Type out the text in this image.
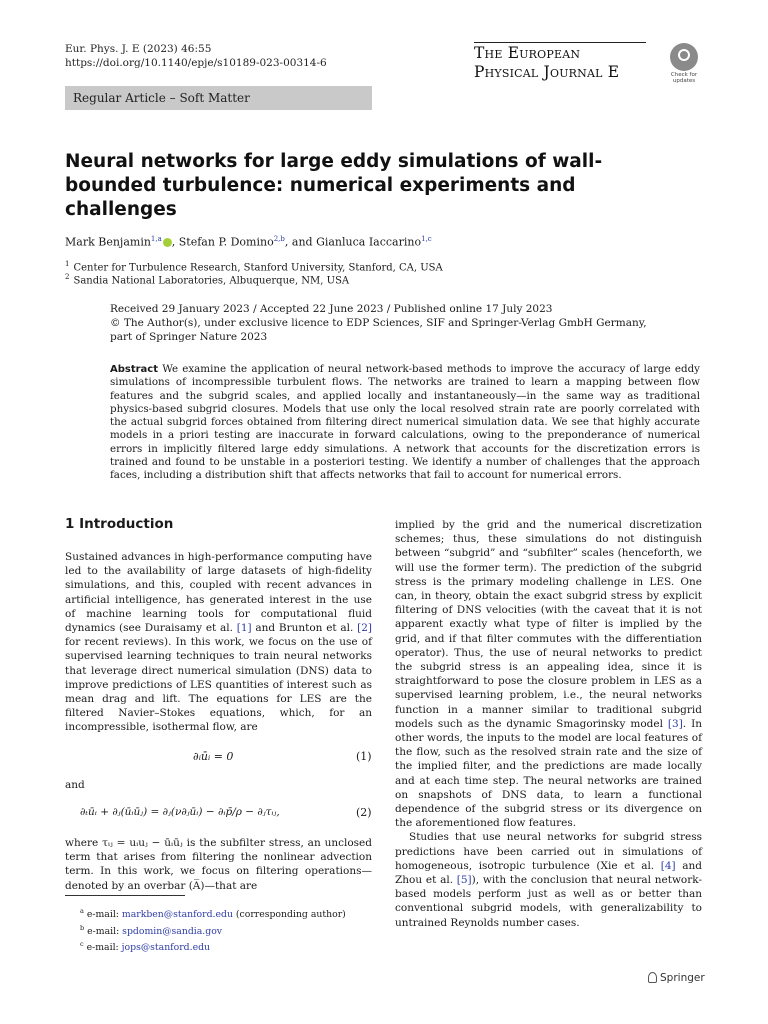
Eur. Phys. J. E (2023) 46:55
https://doi.org/10.1140/epje/s10189-023-00314-6
The European
Physical Journal E	Check for
updates
Regular Article – Soft Matter
Neural networks for large eddy simulations of wall-bounded turbulence: numerical experiments and challenges
Mark Benjamin$^{1,a}$ , Stefan P. Domino$^{2,b}$, and Gianluca Iaccarino$^{1,c}$
$^1$ Center for Turbulence Research, Stanford University, Stanford, CA, USA
$^2$ Sandia National Laboratories, Albuquerque, NM, USA
Received 29 January 2023 / Accepted 22 June 2023 / Published online 17 July 2023
© The Author(s), under exclusive licence to EDP Sciences, SIF and Springer-Verlag GmbH Germany,
part of Springer Nature 2023
Abstract We examine the application of neural network-based methods to improve the accuracy of large eddy simulations of incompressible turbulent flows. The networks are trained to learn a mapping between flow features and the subgrid scales, and applied locally and instantaneously—in the same way as traditional physics-based subgrid closures. Models that use only the local resolved strain rate are poorly correlated with the actual subgrid forces obtained from filtering direct numerical simulation data. We see that highly accurate models in a priori testing are inaccurate in forward calculations, owing to the preponderance of numerical errors in implicitly filtered large eddy simulations. A network that accounts for the discretization errors is trained and found to be unstable in a posteriori testing. We identify a number of challenges that the approach faces, including a distribution shift that affects networks that fail to account for numerical errors.
1 Introduction
Sustained advances in high-performance computing have led to the availability of large datasets of high-fidelity simulations, and this, coupled with recent advances in artificial intelligence, has generated interest in the use of machine learning tools for computational fluid dynamics (see Duraisamy et al. [1] and Brunton et al. [2] for recent reviews). In this work, we focus on the use of supervised learning techniques to train neural networks that leverage direct numerical simulation (DNS) data to improve predictions of LES quantities of interest such as mean drag and lift. The equations for LES are the filtered Navier–Stokes equations, which, for an incompressible, isothermal flow, are
∂ᵢūᵢ = 0	(1)
and
∂ₜūᵢ + ∂ⱼ(ūᵢūⱼ) = ∂ⱼ(ν∂ⱼūᵢ) − ∂ᵢp̄/ρ − ∂ⱼτᵢⱼ,	(2)
where τᵢⱼ = uᵢuⱼ − ūᵢūⱼ is the subfilter stress, an unclosed term that arises from filtering the nonlinear advection term. In this work, we focus on filtering operations—denoted by an overbar (A̅)—that are
implied by the grid and the numerical discretization schemes; thus, these simulations do not distinguish between “subgrid” and “subfilter” scales (henceforth, we will use the former term). The prediction of the subgrid stress is the primary modeling challenge in LES. One can, in theory, obtain the exact subgrid stress by explicit filtering of DNS velocities (with the caveat that it is not apparent exactly what type of filter is implied by the grid, and if that filter commutes with the differentiation operator). Thus, the use of neural networks to predict the subgrid stress is an appealing idea, since it is straightforward to pose the closure problem in LES as a supervised learning problem, i.e., the neural networks function in a manner similar to traditional subgrid models such as the dynamic Smagorinsky model [3]. In other words, the inputs to the model are local features of the flow, such as the resolved strain rate and the size of the implied filter, and the predictions are made locally and at each time step. The neural networks are trained on snapshots of DNS data, to learn a functional dependence of the subgrid stress or its divergence on the aforementioned flow features.
Studies that use neural networks for subgrid stress predictions have been carried out in simulations of homogeneous, isotropic turbulence (Xie et al. [4] and Zhou et al. [5]), with the conclusion that neural network-based models perform just as well as or better than conventional subgrid models, with generalizability to untrained Reynolds number cases.
$^a$ e-mail: markben@stanford.edu (corresponding author)
$^b$ e-mail: spdomin@sandia.gov
$^c$ e-mail: jops@stanford.edu
Springer
